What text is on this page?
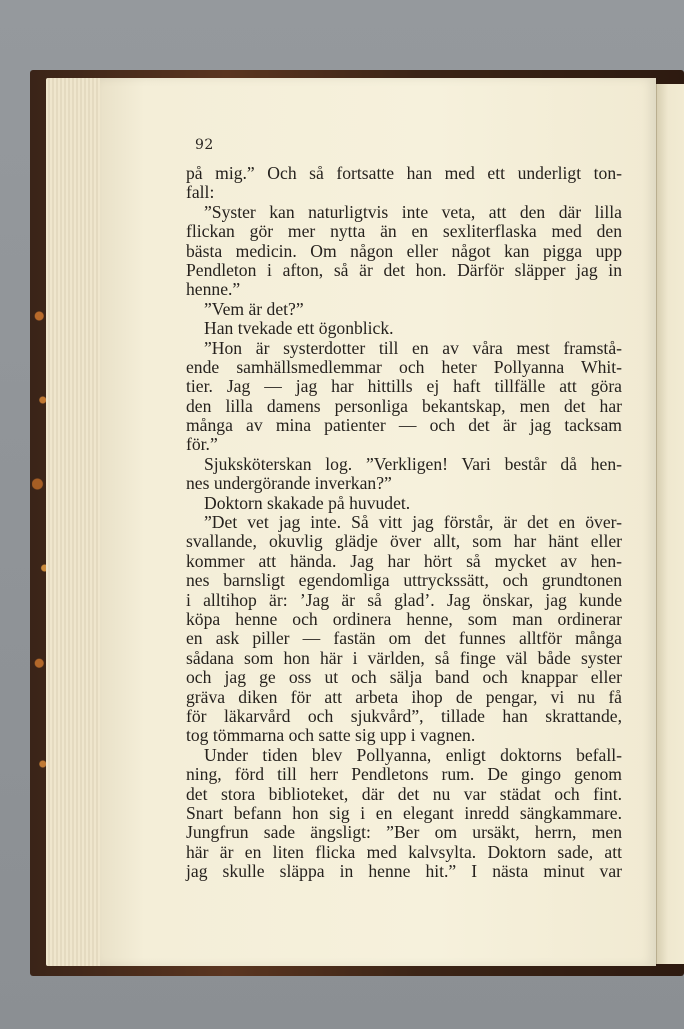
92
på mig.” Och så fortsatte han med ett underligt ton-
fall:
”Syster kan naturligtvis inte veta, att den där lilla
flickan gör mer nytta än en sexliterflaska med den
bästa medicin. Om någon eller något kan pigga upp
Pendleton i afton, så är det hon. Därför släpper jag in
henne.”
”Vem är det?”
Han tvekade ett ögonblick.
”Hon är systerdotter till en av våra mest framstå-
ende samhällsmedlemmar och heter Pollyanna Whit-
tier. Jag — jag har hittills ej haft tillfälle att göra
den lilla damens personliga bekantskap, men det har
många av mina patienter — och det är jag tacksam
för.”
Sjuksköterskan log. ”Verkligen! Vari består då hen-
nes undergörande inverkan?”
Doktorn skakade på huvudet.
”Det vet jag inte. Så vitt jag förstår, är det en över-
svallande, okuvlig glädje över allt, som har hänt eller
kommer att hända. Jag har hört så mycket av hen-
nes barnsligt egendomliga uttryckssätt, och grundtonen
i alltihop är: ’Jag är så glad’. Jag önskar, jag kunde
köpa henne och ordinera henne, som man ordinerar
en ask piller — fastän om det funnes alltför många
sådana som hon här i världen, så finge väl både syster
och jag ge oss ut och sälja band och knappar eller
gräva diken för att arbeta ihop de pengar, vi nu få
för läkarvård och sjukvård”, tillade han skrattande,
tog tömmarna och satte sig upp i vagnen.
Under tiden blev Pollyanna, enligt doktorns befall-
ning, förd till herr Pendletons rum. De gingo genom
det stora biblioteket, där det nu var städat och fint.
Snart befann hon sig i en elegant inredd sängkammare.
Jungfrun sade ängsligt: ”Ber om ursäkt, herrn, men
här är en liten flicka med kalvsylta. Doktorn sade, att
jag skulle släppa in henne hit.” I nästa minut var
